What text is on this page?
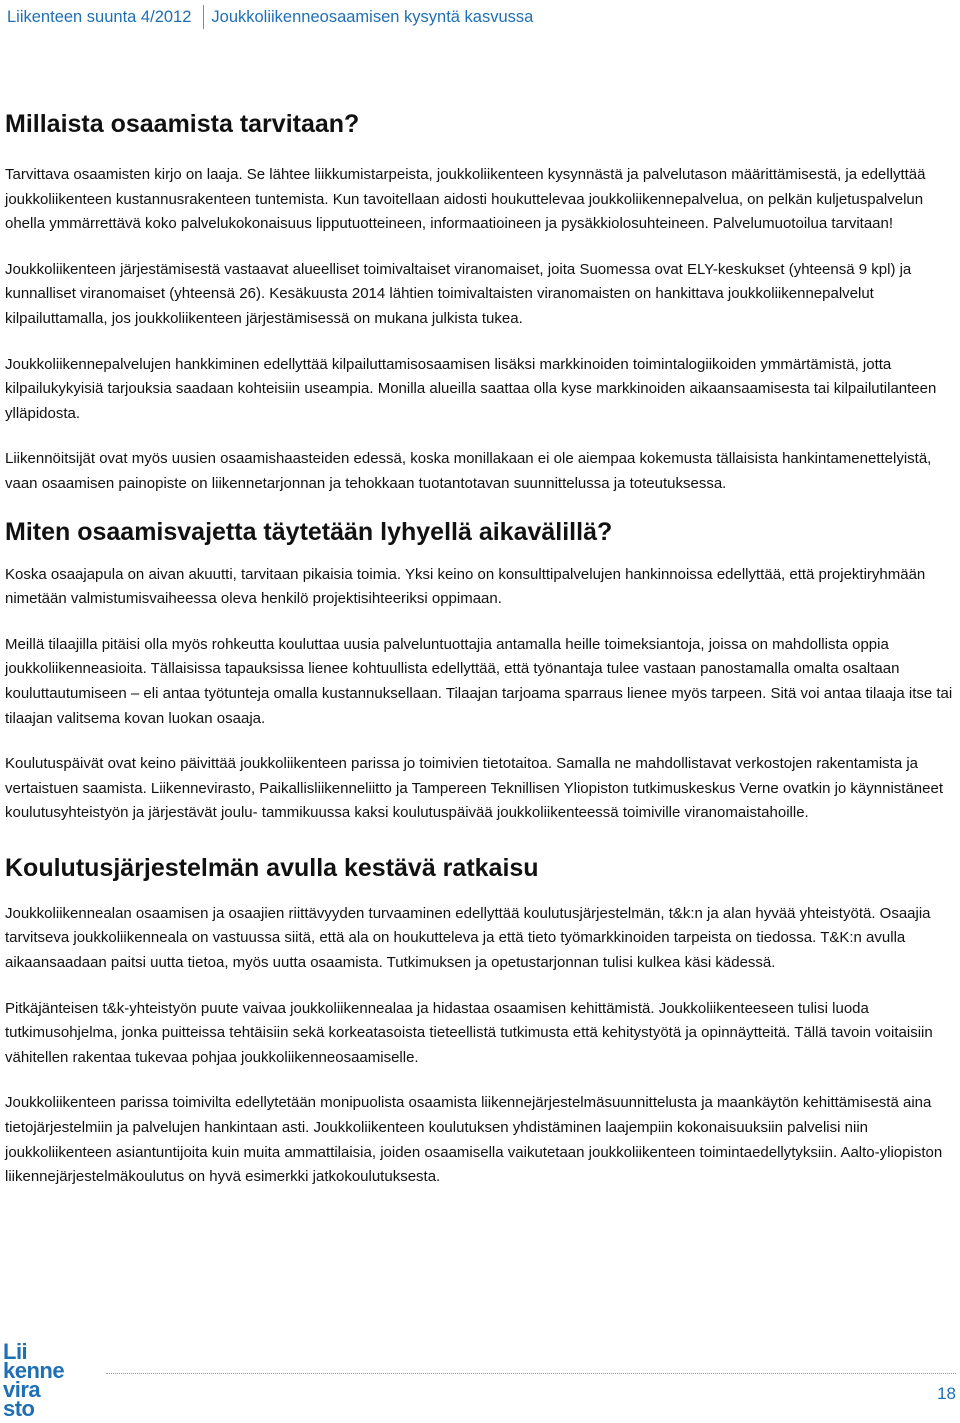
Liikenteen suunta 4/2012 Joukkoliikenneosaamisen kysyntä kasvussa
Millaista osaamista tarvitaan?

Tarvittava osaamisten kirjo on laaja. Se lähtee liikkumistarpeista, joukkoliikenteen kysynnästä ja palvelutason määrittämisestä, ja edellyttää joukkoliikenteen kustannusrakenteen tuntemista. Kun tavoitellaan aidosti houkuttelevaa joukkoliikennepalvelua, on pelkän kuljetuspalvelun ohella ymmärrettävä koko palvelukokonaisuus lipputuotteineen, informaatioineen ja pysäkkiolosuhteineen. Palvelumuotoilua tarvitaan!

Joukkoliikenteen järjestämisestä vastaavat alueelliset toimivaltaiset viranomaiset, joita Suomessa ovat ELY-keskukset (yhteensä 9 kpl) ja kunnalliset viranomaiset (yhteensä 26). Kesäkuusta 2014 lähtien toimivaltaisten viranomaisten on hankittava joukkoliikennepalvelut kilpailuttamalla, jos joukkoliikenteen järjestämisessä on mukana julkista tukea.

Joukkoliikennepalvelujen hankkiminen edellyttää kilpailuttamisosaamisen lisäksi markkinoiden toimintalogiikoiden ymmärtämistä, jotta kilpailukykyisiä tarjouksia saadaan kohteisiin useampia. Monilla alueilla saattaa olla kyse markkinoiden aikaansaamisesta tai kilpailutilanteen ylläpidosta.

Liikennöitsijät ovat myös uusien osaamishaasteiden edessä, koska monillakaan ei ole aiempaa kokemusta tällaisista hankintamenettelyistä, vaan osaamisen painopiste on liikennetarjonnan ja tehokkaan tuotantotavan suunnittelussa ja toteutuksessa.

Miten osaamisvajetta täytetään lyhyellä aikavälillä?

Koska osaajapula on aivan akuutti, tarvitaan pikaisia toimia. Yksi keino on konsulttipalvelujen hankinnoissa edellyttää, että projektiryhmään nimetään valmistumisvaiheessa oleva henkilö projektisihteeriksi oppimaan.

Meillä tilaajilla pitäisi olla myös rohkeutta kouluttaa uusia palveluntuottajia antamalla heille toimeksiantoja, joissa on mahdollista oppia joukkoliikenneasioita. Tällaisissa tapauksissa lienee kohtuullista edellyttää, että työnantaja tulee vastaan panostamalla omalta osaltaan kouluttautumiseen – eli antaa työtunteja omalla kustannuksellaan. Tilaajan tarjoama sparraus lienee myös tarpeen. Sitä voi antaa tilaaja itse tai tilaajan valitsema kovan luokan osaaja.

Koulutuspäivät ovat keino päivittää joukkoliikenteen parissa jo toimivien tietotaitoa. Samalla ne mahdollistavat verkostojen rakentamista ja vertaistuen saamista. Liikennevirasto, Paikallisliikenneliitto ja Tampereen Teknillisen Yliopiston tutkimuskeskus Verne ovatkin jo käynnistäneet koulutusyhteistyön ja järjestävät joulu- tammikuussa kaksi koulutuspäivää joukkoliikenteessä toimiville viranomaistahoille.

Koulutusjärjestelmän avulla kestävä ratkaisu

Joukkoliikennealan osaamisen ja osaajien riittävyyden turvaaminen edellyttää koulutusjärjestelmän, t&k:n ja alan hyvää yhteistyötä. Osaajia tarvitseva joukkoliikenneala on vastuussa siitä, että ala on houkutteleva ja että tieto työmarkkinoiden tarpeista on tiedossa. T&K:n avulla aikaansaadaan paitsi uutta tietoa, myös uutta osaamista. Tutkimuksen ja opetustarjonnan tulisi kulkea käsi kädessä.

Pitkäjänteisen t&k-yhteistyön puute vaivaa joukkoliikennealaa ja hidastaa osaamisen kehittämistä. Joukkoliikenteeseen tulisi luoda tutkimusohjelma, jonka puitteissa tehtäisiin sekä korkeatasoista tieteellistä tutkimusta että kehitystyötä ja opinnäytteitä. Tällä tavoin voitaisiin vähitellen rakentaa tukevaa pohjaa joukkoliikenneosaamiselle.

Joukkoliikenteen parissa toimivilta edellytetään monipuolista osaamista liikennejärjestelmäsuunnittelusta ja maankäytön kehittämisestä aina tietojärjestelmiin ja palvelujen hankintaan asti. Joukkoliikenteen koulutuksen yhdistäminen laajempiin kokonaisuuksiin palvelisi niin joukkoliikenteen asiantuntijoita kuin muita ammattilaisia, joiden osaamisella vaikutetaan joukkoliikenteen toimintaedellytyksiin. Aalto-yliopiston liikennejärjestelmäkoulutus on hyvä esimerkki jatkokoulutuksesta.

Lii
kenne
vira
sto
18
